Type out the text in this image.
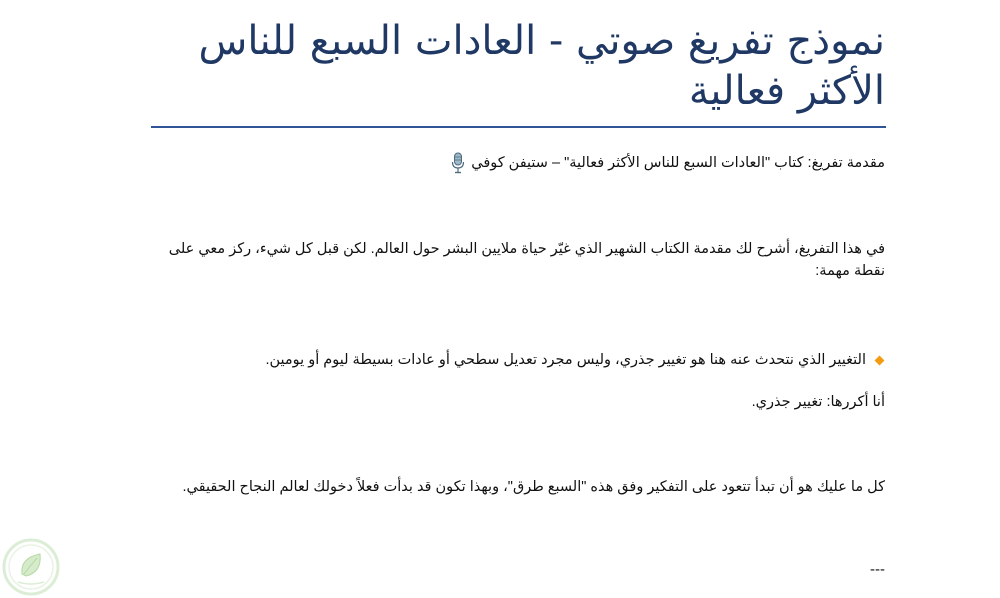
نموذج تفريغ صوتي - العادات السبع للناس الأكثر فعالية

مقدمة تفريغ: كتاب "العادات السبع للناس الأكثر فعالية" – ستيفن كوفي

في هذا التفريغ، أشرح لك مقدمة الكتاب الشهير الذي غيّر حياة ملايين البشر حول العالم. لكن قبل كل شيء، ركز معي على نقطة مهمة:

التغيير الذي نتحدث عنه هنا هو تغيير جذري، وليس مجرد تعديل سطحي أو عادات بسيطة ليوم أو يومين.

أنا أكررها: تغيير جذري.

كل ما عليك هو أن تبدأ تتعود على التفكير وفق هذه "السبع طرق"، وبهذا تكون قد بدأت فعلاً دخولك لعالم النجاح الحقيقي.

---
